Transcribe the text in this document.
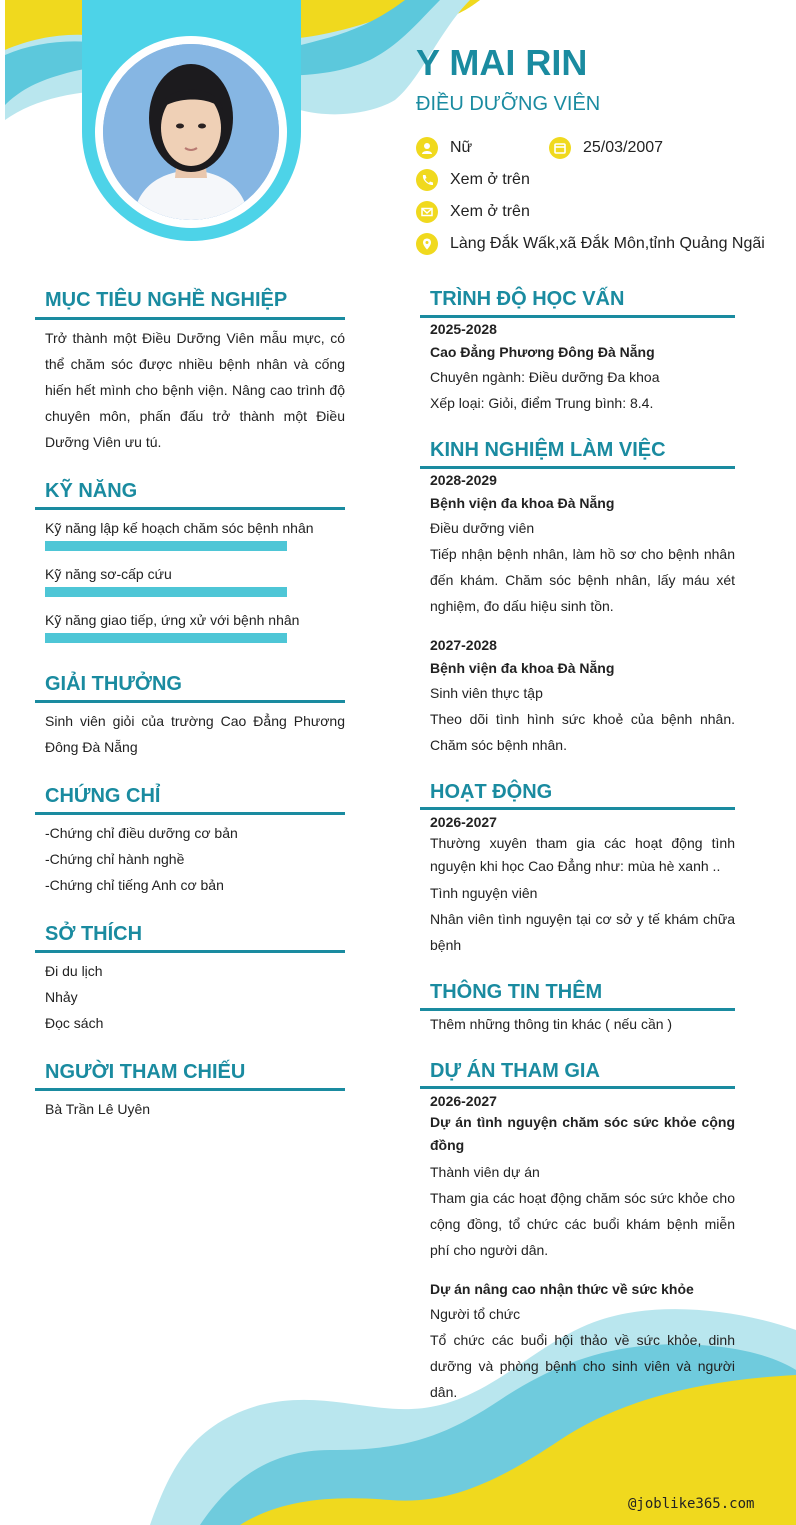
Y MAI RIN
ĐIỀU DƯỠNG VIÊN
Nữ	25/03/2007
Xem ở trên
Xem ở trên
Làng Đắk Wấk,xã Đắk Môn,tỉnh Quảng Ngãi
MỤC TIÊU NGHỀ NGHIỆP
Trở thành một Điều Dưỡng Viên mẫu mực, có thể chăm sóc được nhiều bệnh nhân và cống hiến hết mình cho bệnh viện. Nâng cao trình độ chuyên môn, phấn đấu trở thành một Điều Dưỡng Viên ưu tú.
KỸ NĂNG
Kỹ năng lập kế hoạch chăm sóc bệnh nhân
Kỹ năng sơ-cấp cứu
Kỹ năng giao tiếp, ứng xử với bệnh nhân
GIẢI THƯỞNG
Sinh viên giỏi của trường Cao Đẳng Phương Đông Đà Nẵng
CHỨNG CHỈ
-Chứng chỉ điều dưỡng cơ bản
-Chứng chỉ hành nghề
-Chứng chỉ tiếng Anh cơ bản
SỞ THÍCH
Đi du lịch
Nhảy
Đọc sách
NGƯỜI THAM CHIẾU
Bà Trần Lê Uyên
TRÌNH ĐỘ HỌC VẤN
2025-2028
Cao Đẳng Phương Đông Đà Nẵng
Chuyên ngành: Điều dưỡng Đa khoa
Xếp loại: Giỏi, điểm Trung bình: 8.4.
KINH NGHIỆM LÀM VIỆC
2028-2029
Bệnh viện đa khoa Đà Nẵng
Điều dưỡng viên
Tiếp nhận bệnh nhân, làm hồ sơ cho bệnh nhân đến khám. Chăm sóc bệnh nhân, lấy máu xét nghiệm, đo dấu hiệu sinh tồn.
2027-2028
Bệnh viện đa khoa Đà Nẵng
Sinh viên thực tập
Theo dõi tình hình sức khoẻ của bệnh nhân. Chăm sóc bệnh nhân.
HOẠT ĐỘNG
2026-2027
Thường xuyên tham gia các hoạt động tình nguyện khi học Cao Đẳng như: mùa hè xanh ..
Tình nguyện viên
Nhân viên tình nguyện tại cơ sở y tế khám chữa bệnh
THÔNG TIN THÊM
Thêm những thông tin khác ( nếu cần )
DỰ ÁN THAM GIA
2026-2027
Dự án tình nguyện chăm sóc sức khỏe cộng đồng
Thành viên dự án
Tham gia các hoạt động chăm sóc sức khỏe cho cộng đồng, tổ chức các buổi khám bệnh miễn phí cho người dân.
Dự án nâng cao nhận thức về sức khỏe
Người tổ chức
Tổ chức các buổi hội thảo về sức khỏe, dinh dưỡng và phòng bệnh cho sinh viên và người dân.
@joblike365.com
